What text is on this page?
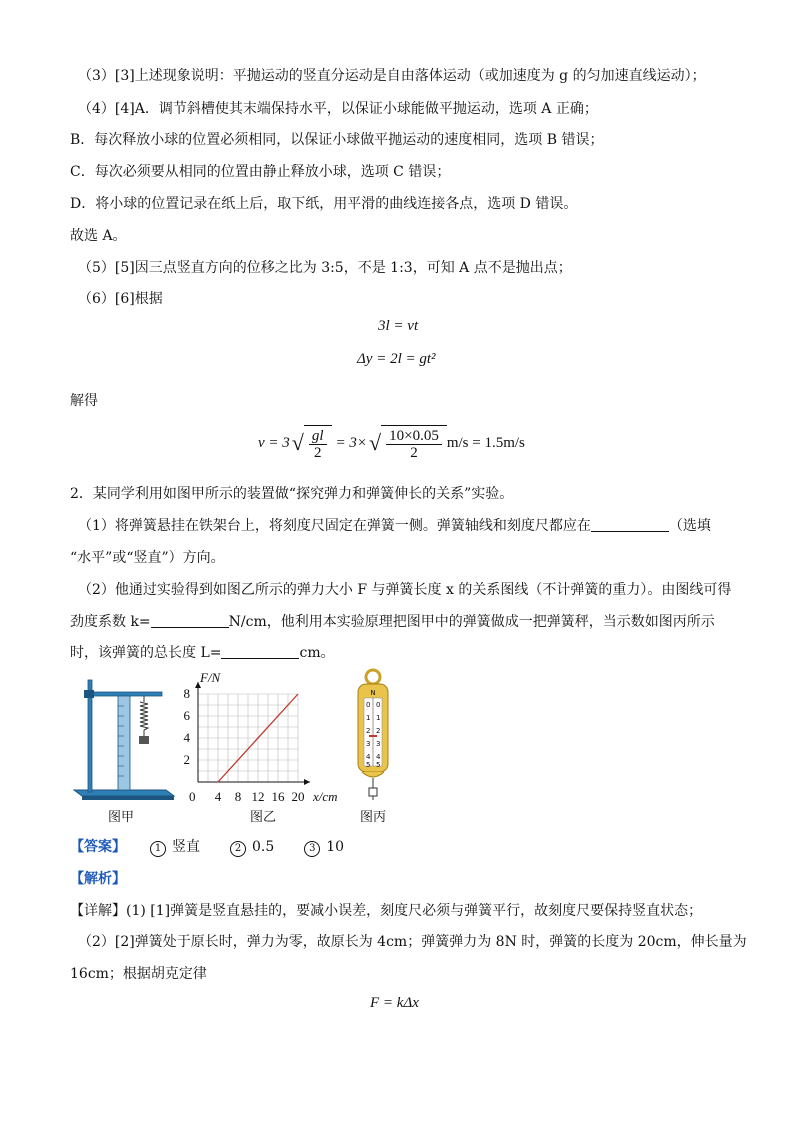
（3）[3]上述现象说明：平抛运动的竖直分运动是自由落体运动（或加速度为 g 的匀加速直线运动）；
（4）[4]A．调节斜槽使其末端保持水平，以保证小球能做平抛运动，选项 A 正确；
B．每次释放小球的位置必须相同，以保证小球做平抛运动的速度相同，选项 B 错误；
C．每次必须要从相同的位置由静止释放小球，选项 C 错误；
D．将小球的位置记录在纸上后，取下纸，用平滑的曲线连接各点，选项 D 错误。
故选 A。
（5）[5]因三点竖直方向的位移之比为 3:5，不是 1:3，可知 A 点不是抛出点；
（6）[6]根据
3l = vt
Δy = 2l = gt²
解得
v = 3 √ $\frac{gl}{2} = 3\times$ √ $\frac{10\times 0.05}{2} m/s = 1.5m/s$
2．某同学利用如图甲所示的装置做“探究弹力和弹簧伸长的关系”实验。
（1）将弹簧悬挂在铁架台上，将刻度尺固定在弹簧一侧。弹簧轴线和刻度尺都应在	（选填
“水平”或“竖直”）方向。
（2）他通过实验得到如图乙所示的弹力大小 F 与弹簧长度 x 的关系图线（不计弹簧的重力）。由图线可得
劲度系数 k=	N/cm，他利用本实验原理把图甲中的弹簧做成一把弹簧秤，当示数如图丙所示
时，该弹簧的总长度 L=	cm。
图甲
F/N
x/cm
0 4 8 12 16 20
2
4
6
8
图乙
N
0
1
2
3
4
5
0
1
2
3
4
5
图丙
【答案】	1 竖直	2 0.5	3 10
【解析】
【详解】(1) [1]弹簧是竖直悬挂的，要减小误差，刻度尺必须与弹簧平行，故刻度尺要保持竖直状态；
（2）[2]弹簧处于原长时，弹力为零，故原长为 4cm；弹簧弹力为 8N 时，弹簧的长度为 20cm，伸长量为
16cm；根据胡克定律
F = kΔx
